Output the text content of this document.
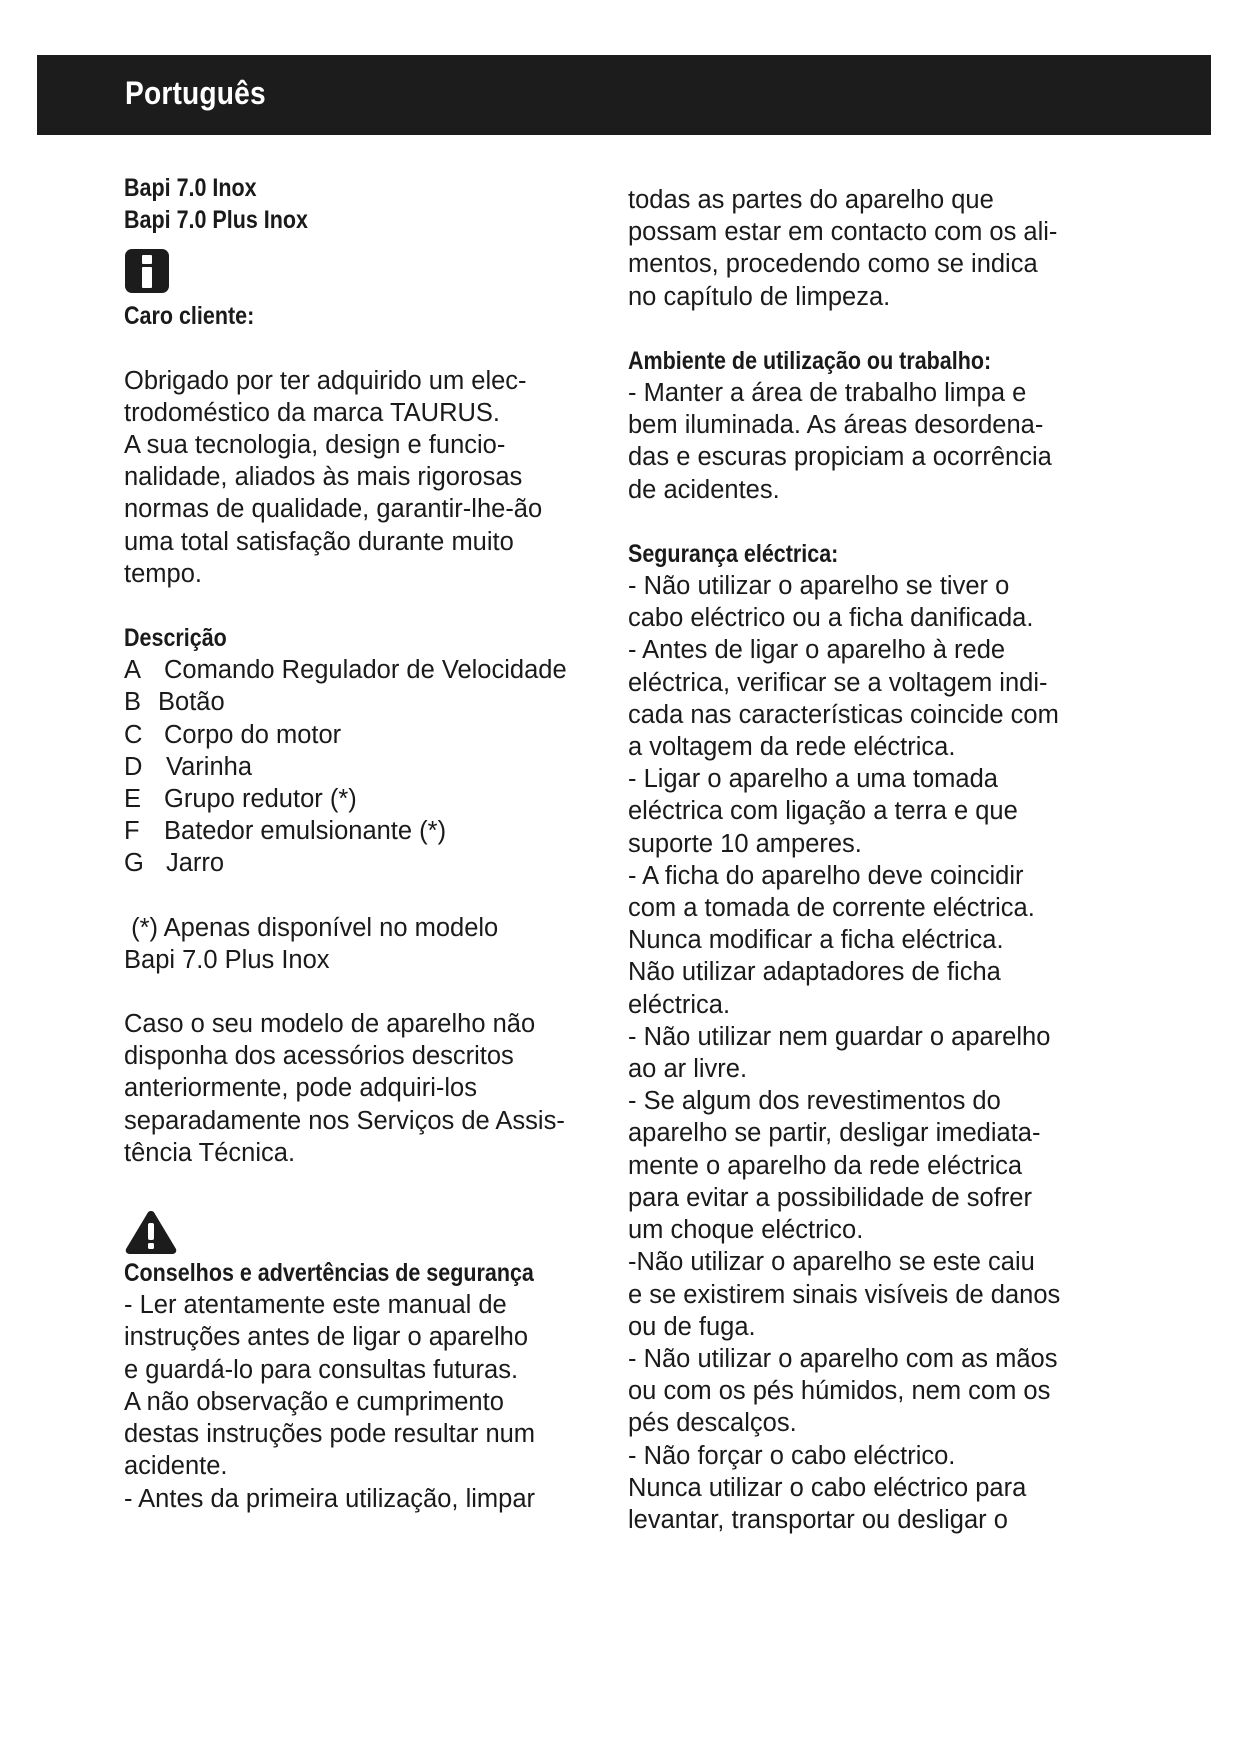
Português
Bapi 7.0 Inox
Bapi 7.0 Plus Inox
Caro cliente:
Obrigado por ter adquirido um elec-
trodoméstico da marca TAURUS.
A sua tecnologia, design e funcio-
nalidade, aliados às mais rigorosas
normas de qualidade, garantir-lhe-ão
uma total satisfação durante muito
tempo.
Descrição
A Comando Regulador de Velocidade
B Botão
C Corpo do motor
D Varinha
E Grupo redutor (*)
F Batedor emulsionante (*)
G Jarro
(*) Apenas disponível no modelo
Bapi 7.0 Plus Inox
Caso o seu modelo de aparelho não
disponha dos acessórios descritos
anteriormente, pode adquiri-los
separadamente nos Serviços de Assis-
tência Técnica.
Conselhos e advertências de segurança
- Ler atentamente este manual de
instruções antes de ligar o aparelho
e guardá-lo para consultas futuras.
A não observação e cumprimento
destas instruções pode resultar num
acidente.
- Antes da primeira utilização, limpar
todas as partes do aparelho que
possam estar em contacto com os ali-
mentos, procedendo como se indica
no capítulo de limpeza.
Ambiente de utilização ou trabalho:
- Manter a área de trabalho limpa e
bem iluminada. As áreas desordena-
das e escuras propiciam a ocorrência
de acidentes.
Segurança eléctrica:
- Não utilizar o aparelho se tiver o
cabo eléctrico ou a ficha danificada.
- Antes de ligar o aparelho à rede
eléctrica, verificar se a voltagem indi-
cada nas características coincide com
a voltagem da rede eléctrica.
- Ligar o aparelho a uma tomada
eléctrica com ligação a terra e que
suporte 10 amperes.
- A ficha do aparelho deve coincidir
com a tomada de corrente eléctrica.
Nunca modificar a ficha eléctrica.
Não utilizar adaptadores de ficha
eléctrica.
- Não utilizar nem guardar o aparelho
ao ar livre.
- Se algum dos revestimentos do
aparelho se partir, desligar imediata-
mente o aparelho da rede eléctrica
para evitar a possibilidade de sofrer
um choque eléctrico.
-Não utilizar o aparelho se este caiu
e se existirem sinais visíveis de danos
ou de fuga.
- Não utilizar o aparelho com as mãos
ou com os pés húmidos, nem com os
pés descalços.
- Não forçar o cabo eléctrico.
Nunca utilizar o cabo eléctrico para
levantar, transportar ou desligar o
